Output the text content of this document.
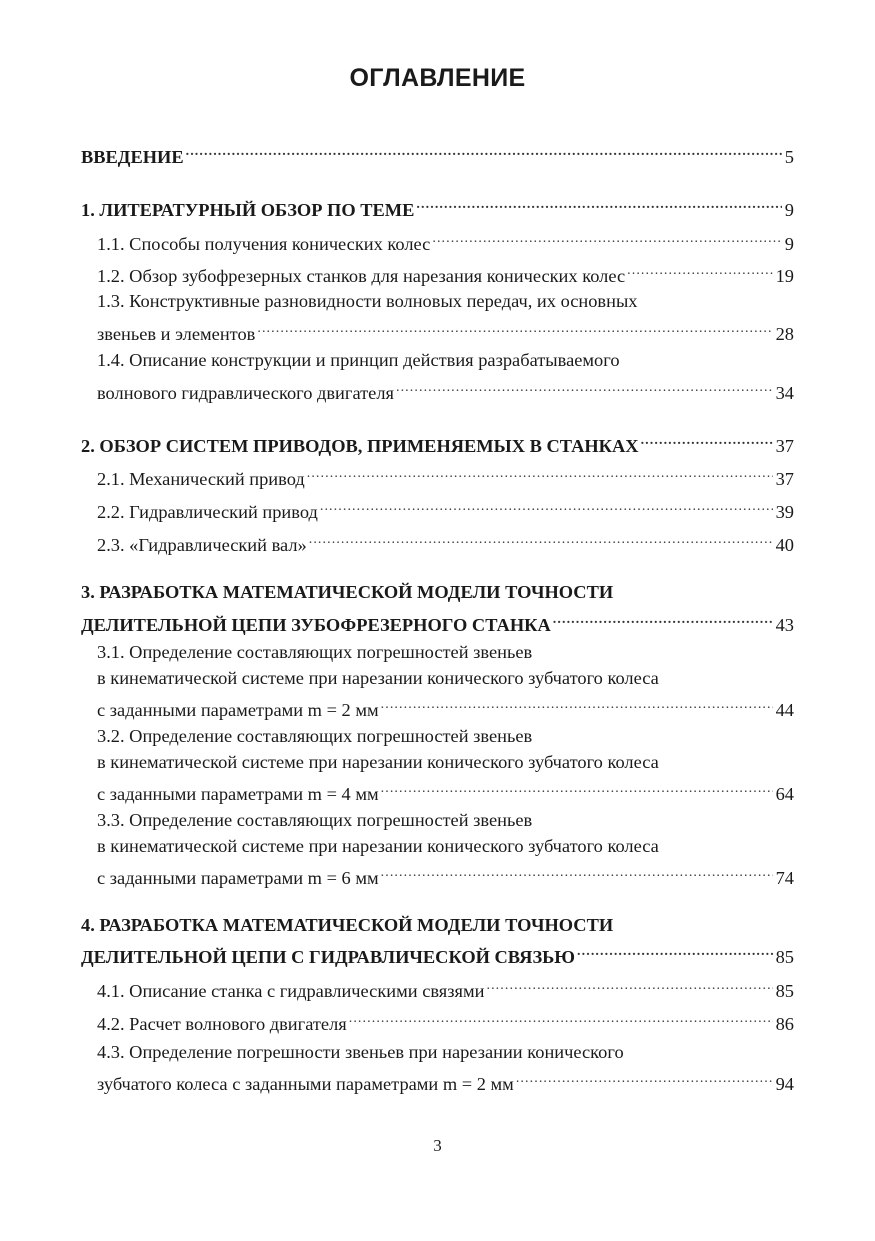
ОГЛАВЛЕНИЕ
ВВЕДЕНИЕ .....	5
1. ЛИТЕРАТУРНЫЙ ОБЗОР ПО ТЕМЕ .....	9
1.1. Способы получения конических колес .....	9
1.2. Обзор зубофрезерных станков для нарезания конических колес .....	19
1.3. Конструктивные разновидности волновых передач, их основных
звеньев и элементов .....	28
1.4. Описание конструкции и принцип действия разрабатываемого
волнового гидравлического двигателя .....	34
2. ОБЗОР СИСТЕМ ПРИВОДОВ, ПРИМЕНЯЕМЫХ В СТАНКАХ .....	37
2.1. Механический привод .....	37
2.2. Гидравлический привод .....	39
2.3. «Гидравлический вал» .....	40
3. РАЗРАБОТКА МАТЕМАТИЧЕСКОЙ МОДЕЛИ ТОЧНОСТИ
ДЕЛИТЕЛЬНОЙ ЦЕПИ ЗУБОФРЕЗЕРНОГО СТАНКА .....	43
3.1. Определение составляющих погрешностей звеньев
в кинематической системе при нарезании конического зубчатого колеса
с заданными параметрами m = 2 мм .....	44
3.2. Определение составляющих погрешностей звеньев
в кинематической системе при нарезании конического зубчатого колеса
с заданными параметрами m = 4 мм .....	64
3.3. Определение составляющих погрешностей звеньев
в кинематической системе при нарезании конического зубчатого колеса
с заданными параметрами m = 6 мм .....	74
4. РАЗРАБОТКА МАТЕМАТИЧЕСКОЙ МОДЕЛИ ТОЧНОСТИ
ДЕЛИТЕЛЬНОЙ ЦЕПИ С ГИДРАВЛИЧЕСКОЙ СВЯЗЬЮ .....	85
4.1. Описание станка с гидравлическими связями .....	85
4.2. Расчет волнового двигателя .....	86
4.3. Определение погрешности звеньев при нарезании конического
зубчатого колеса с заданными параметрами m = 2 мм .....	94
3
